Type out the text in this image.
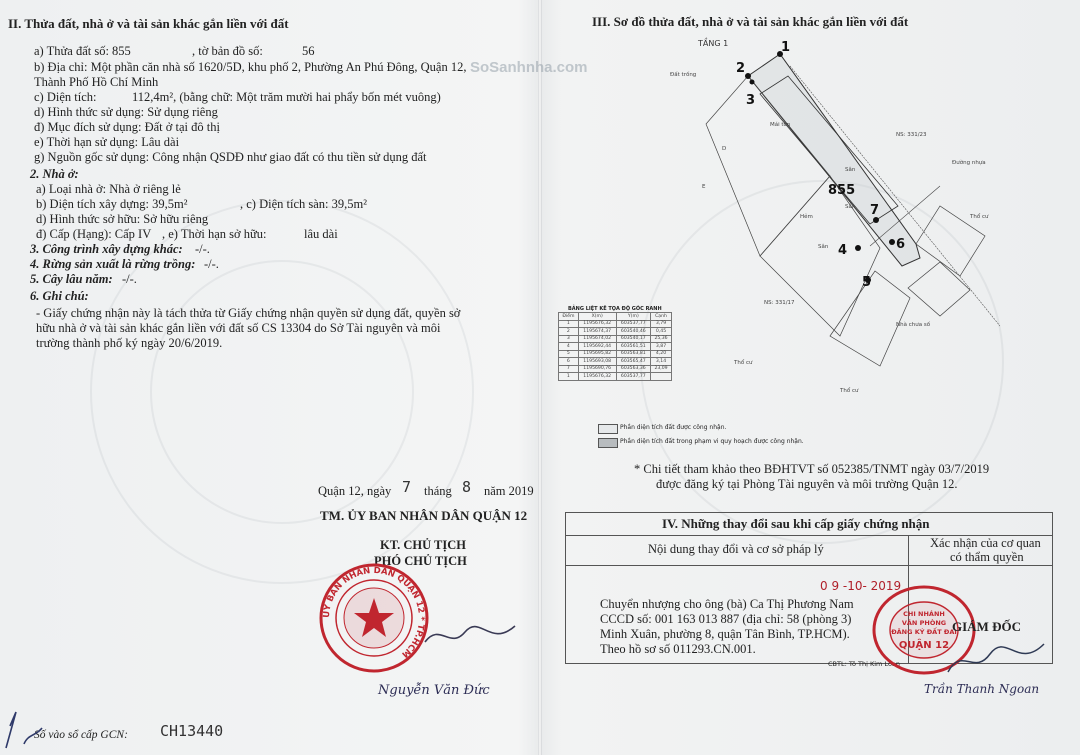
II. Thửa đất, nhà ở và tài sản khác gắn liền với đất
a) Thửa đất số: 855	, tờ bản đồ số:	56
b) Địa chỉ: Một phần căn nhà số 1620/5D, khu phố 2, Phường An Phú Đông, Quận 12,
Thành Phố Hồ Chí Minh
c) Diện tích:	112,4m², (bằng chữ: Một trăm mười hai phẩy bốn mét vuông)
d) Hình thức sử dụng: Sử dụng riêng
đ) Mục đích sử dụng: Đất ở tại đô thị
e) Thời hạn sử dụng: Lâu dài
g) Nguồn gốc sử dụng: Công nhận QSDĐ như giao đất có thu tiền sử dụng đất
2. Nhà ở:
a) Loại nhà ở: Nhà ở riêng lẻ
b) Diện tích xây dựng: 39,5m²	, c) Diện tích sàn: 39,5m²
d) Hình thức sở hữu: Sở hữu riêng
đ) Cấp (Hạng): Cấp IV , e) Thời hạn sở hữu:	lâu dài
3. Công trình xây dựng khác: -/-.
4. Rừng sản xuất là rừng trồng: -/-.
5. Cây lâu năm: -/-.
6. Ghi chú:
- Giấy chứng nhận này là tách thửa từ Giấy chứng nhận quyền sử dụng đất, quyền sở
hữu nhà ở và tài sản khác gắn liền với đất số CS 13304 do Sở Tài nguyên và môi
trường thành phố ký ngày 20/6/2019.
Quận 12, ngày 7 tháng 8 năm 2019
TM. ỦY BAN NHÂN DÂN QUẬN 12
KT. CHỦ TỊCH
PHÓ CHỦ TỊCH
ỦY BAN NHÂN DÂN QUẬN 12 * TP.HCM
Nguyễn Văn Đức
Số vào sổ cấp GCN: CH13440
III. Sơ đồ thửa đất, nhà ở và tài sản khác gắn liền với đất
TẦNG 1	1
2
3
4
5
6
7
855
Đất trống
Mái tôn
Sân
Sân
Sân
Hẻm
NS: 331/23
NS: 331/17
Đường nhựa
Nhà chưa số
Thổ cư
Thổ cư
Thổ cư
D
E
SoSanhnha.com
BẢNG LIỆT KÊ TỌA ĐỘ GÓC RANH
Điểm	X(m)	Y(m)	Cạnh
1	1195676,32	603537,77	3,79
2	1195674,37	603540,46	0,45
3	1195674,02	603540,17	25,36
4	1195692,44	603561,51	3,87
5	1195695,82	603563,81	4,20
6	1195693,08	603565,47	3,14
7	1195690,76	603563,36	23,09
1	1195676,32	603537,77	
Phần diện tích đất được công nhận.
Phần diện tích đất trong phạm vi quy hoạch được công nhận.
* Chi tiết tham khảo theo BĐHTVT số 052385/TNMT ngày 03/7/2019
được đăng ký tại Phòng Tài nguyên và môi trường Quận 12.
IV. Những thay đổi sau khi cấp giấy chứng nhận
Nội dung thay đổi và cơ sở pháp lý	Xác nhận của cơ quan
có thẩm quyền
0 9 -10- 2019
Chuyển nhượng cho ông (bà) Ca Thị Phương Nam
CCCD số: 001 163 013 887 (địa chỉ: 58 (phòng 3)
Minh Xuân, phường 8, quận Tân Bình, TP.HCM).
Theo hồ sơ số 011293.CN.001.
CBTL: Tô Thị Kim Loan
CHI NHÁNH
VĂN PHÒNG
ĐĂNG KÝ ĐẤT ĐAI
QUẬN 12
GIÁM ĐỐC
Trần Thanh Ngoan
